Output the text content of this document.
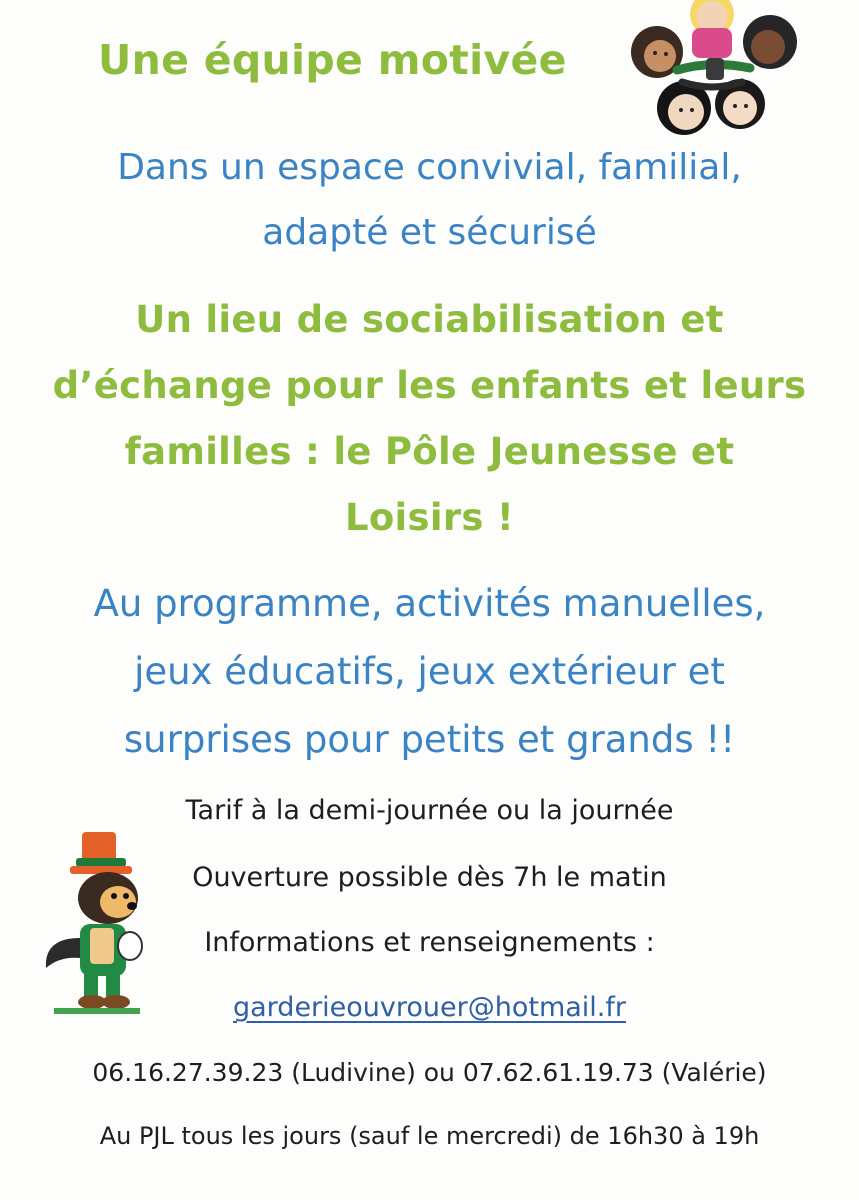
Une équipe motivée
Dans un espace convivial, familial,
adapté et sécurisé
Un lieu de sociabilisation et
d’échange pour les enfants et leurs
familles : le Pôle Jeunesse et
Loisirs !
Au programme, activités manuelles,
jeux éducatifs, jeux extérieur et
surprises pour petits et grands !!
Tarif à la demi-journée ou la journée
Ouverture possible dès 7h le matin
Informations et renseignements :
garderieouvrouer@hotmail.fr
06.16.27.39.23 (Ludivine) ou 07.62.61.19.73 (Valérie)
Au PJL tous les jours (sauf le mercredi) de 16h30 à 19h
